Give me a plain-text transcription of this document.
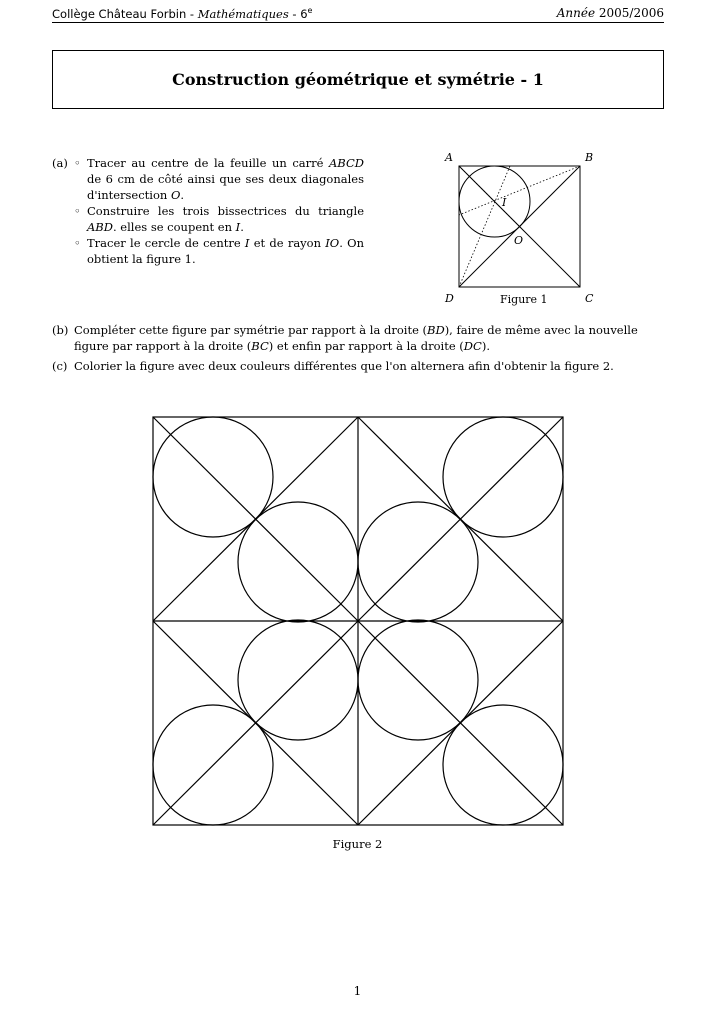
Collège Château Forbin - Mathématiques - 6e	Année 2005/2006
Construction géométrique et symétrie - 1
(a) ◦ Tracer au centre de la feuille un carré ABCD de 6 cm de côté ainsi que ses deux diagonales d'intersection O.
◦ Construire les trois bissectrices du triangle ABD. elles se coupent en I.
◦ Tracer le cercle de centre I et de rayon IO. On obtient la figure 1.
A	B
C
D
I
O
Figure 1
(b) Compléter cette figure par symétrie par rapport à la droite (BD), faire de même avec la nouvelle figure par rapport à la droite (BC) et enfin par rapport à la droite (DC).
(c) Colorier la figure avec deux couleurs différentes que l'on alternera afin d'obtenir la figure 2.
Figure 2
1
